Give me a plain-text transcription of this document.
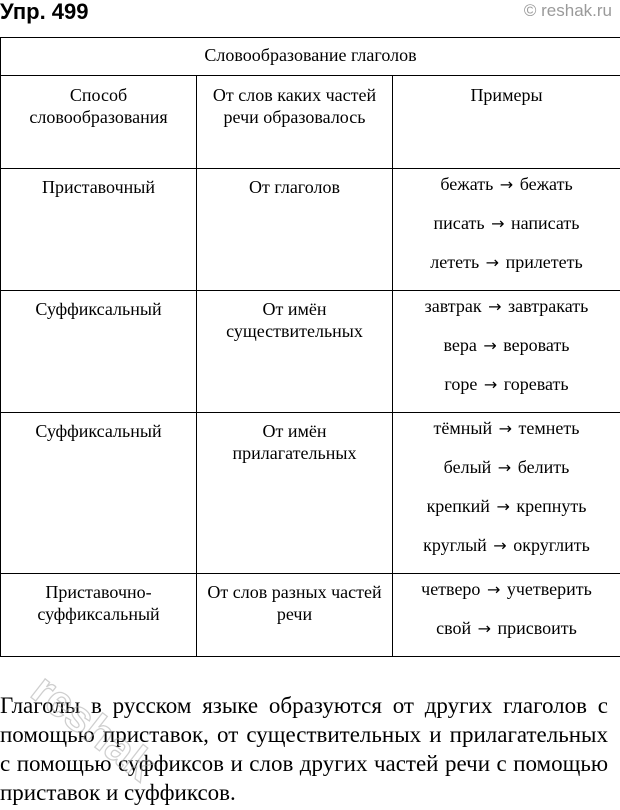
Упр. 499	© reshak.ru
Словообразование глаголов		
Способ словообразования	От слов каких частей речи образовалось	Примеры
Приставочный	От глаголов	бежать → бежать
писать → написать
лететь → прилететь

Суффиксальный	От имён существительных	завтрак → завтракать
вера → веровать
горе → горевать

Суффиксальный	От имён прилагательных	тёмный → темнеть
белый → белить
крепкий → крепнуть
круглый → округлить

Приставочно-суффиксальный	От слов разных частей речи	четверо → учетверить
свой → присвоить
Глаголы в русском языке образуются от других глаголов с помощью приставок, от существительных и прилагательных с помощью суффиксов и слов других частей речи с помощью приставок и суффиксов.
reshak
